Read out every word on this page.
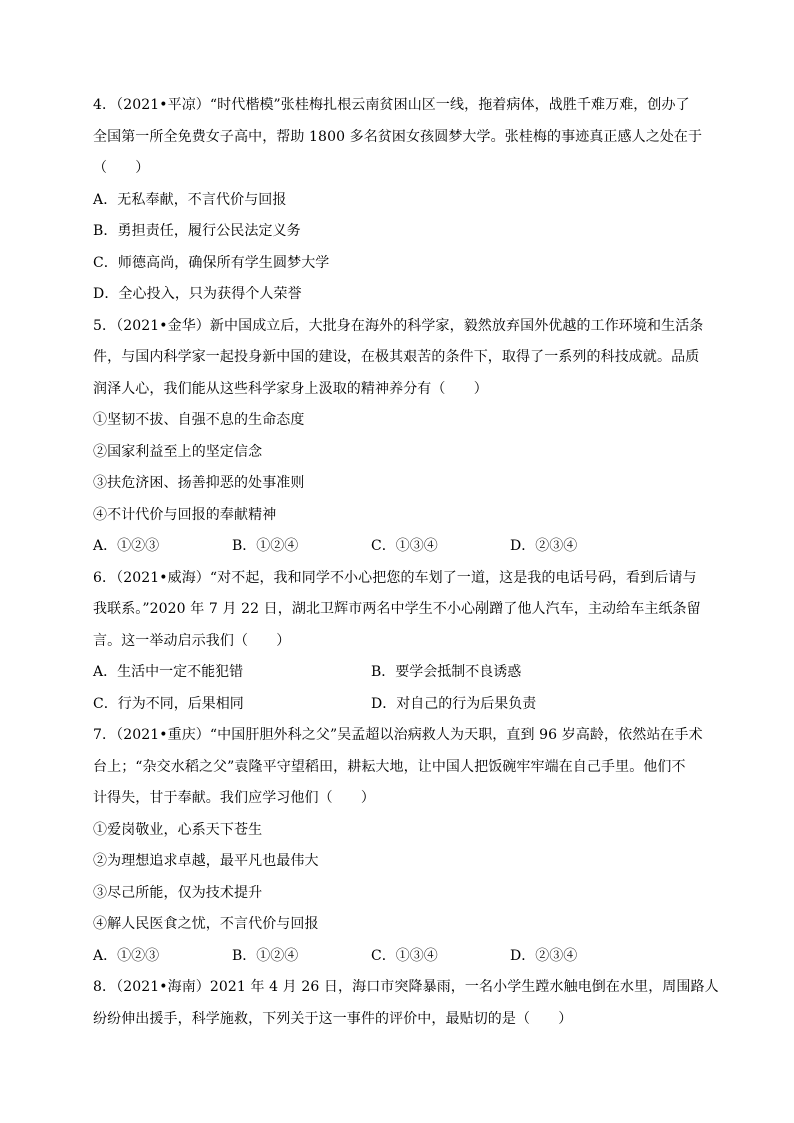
4．（2021•平凉）“时代楷模”张桂梅扎根云南贫困山区一线，拖着病体，战胜千难万难，创办了
全国第一所全免费女子高中，帮助 1800 多名贫困女孩圆梦大学。张桂梅的事迹真正感人之处在于
（　　）
A．无私奉献，不言代价与回报
B．勇担责任，履行公民法定义务
C．师德高尚，确保所有学生圆梦大学
D．全心投入，只为获得个人荣誉
5．（2021•金华）新中国成立后，大批身在海外的科学家，毅然放弃国外优越的工作环境和生活条
件，与国内科学家一起投身新中国的建设，在极其艰苦的条件下，取得了一系列的科技成就。品质
润泽人心，我们能从这些科学家身上汲取的精神养分有（　　）
①坚韧不拔、自强不息的生命态度
②国家利益至上的坚定信念
③扶危济困、扬善抑恶的处事准则
④不计代价与回报的奉献精神
A．①②③	B．①②④	C．①③④	D．②③④
6．（2021•威海）“对不起，我和同学不小心把您的车划了一道，这是我的电话号码，看到后请与
我联系。”2020 年 7 月 22 日，湖北卫辉市两名中学生不小心剐蹭了他人汽车，主动给车主纸条留
言。这一举动启示我们（　　）
A．生活中一定不能犯错	B．要学会抵制不良诱惑
C．行为不同，后果相同	D．对自己的行为后果负责
7．（2021•重庆）“中国肝胆外科之父”吴孟超以治病救人为天职，直到 96 岁高龄，依然站在手术
台上；“杂交水稻之父”袁隆平守望稻田，耕耘大地，让中国人把饭碗牢牢端在自己手里。他们不
计得失，甘于奉献。我们应学习他们（　　）
①爱岗敬业，心系天下苍生
②为理想追求卓越，最平凡也最伟大
③尽己所能，仅为技术提升
④解人民医食之忧，不言代价与回报
A．①②③	B．①②④	C．①③④	D．②③④
8．（2021•海南）2021 年 4 月 26 日，海口市突降暴雨，一名小学生蹚水触电倒在水里，周围路人
纷纷伸出援手，科学施救，下列关于这一事件的评价中，最贴切的是（　　）
